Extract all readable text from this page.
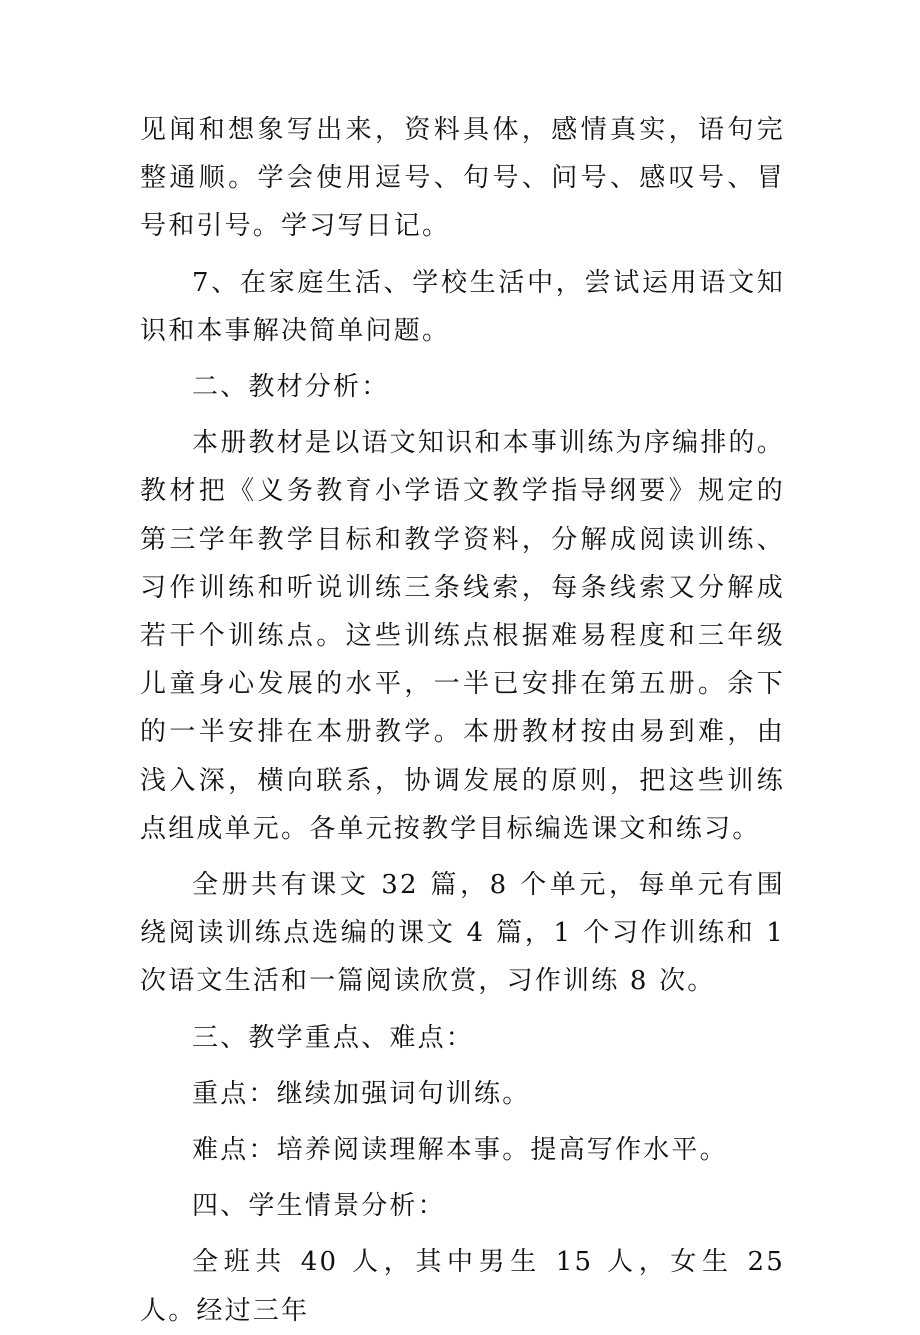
见闻和想象写出来，资料具体，感情真实，语句完整通顺。学会使用逗号、句号、问号、感叹号、冒号和引号。学习写日记。

7、在家庭生活、学校生活中，尝试运用语文知识和本事解决简单问题。

二、教材分析：

本册教材是以语文知识和本事训练为序编排的。教材把《义务教育小学语文教学指导纲要》规定的第三学年教学目标和教学资料，分解成阅读训练、习作训练和听说训练三条线索，每条线索又分解成若干个训练点。这些训练点根据难易程度和三年级儿童身心发展的水平，一半已安排在第五册。余下的一半安排在本册教学。本册教材按由易到难，由浅入深，横向联系，协调发展的原则，把这些训练点组成单元。各单元按教学目标编选课文和练习。

全册共有课文 32 篇，8 个单元，每单元有围绕阅读训练点选编的课文 4 篇，1 个习作训练和 1 次语文生活和一篇阅读欣赏，习作训练 8 次。

三、教学重点、难点：

重点：继续加强词句训练。

难点：培养阅读理解本事。提高写作水平。

四、学生情景分析：

全班共 40 人，其中男生 15 人，女生 25 人。经过三年
